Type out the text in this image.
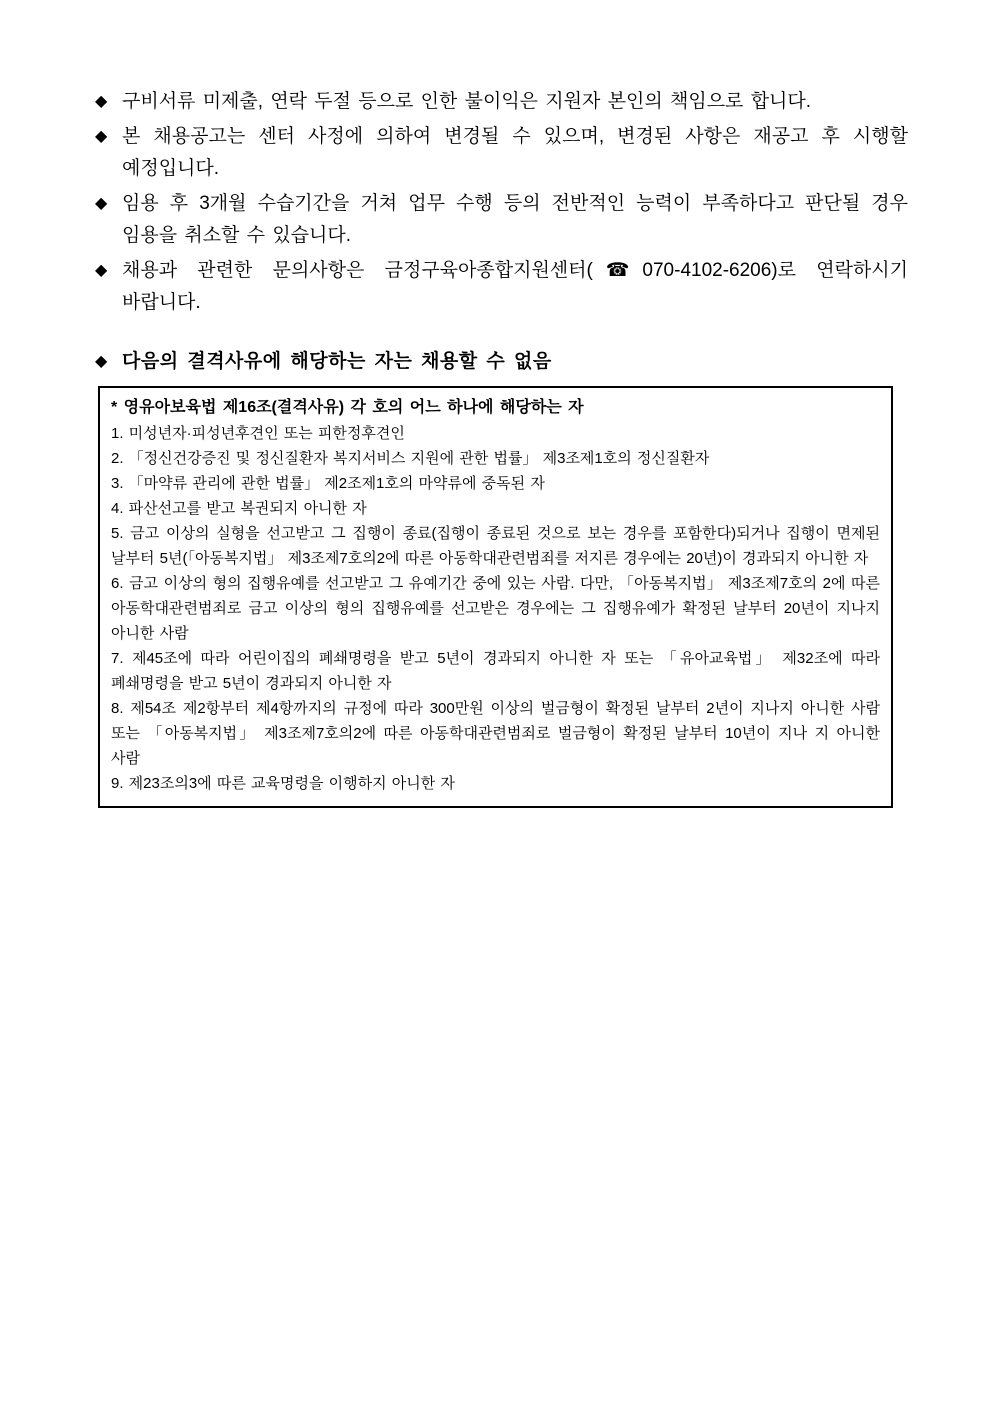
◆ 구비서류 미제출, 연락 두절 등으로 인한 불이익은 지원자 본인의 책임으로 합니다.
◆ 본 채용공고는 센터 사정에 의하여 변경될 수 있으며, 변경된 사항은 재공고 후 시행할 예정입니다.
◆ 임용 후 3개월 수습기간을 거쳐 업무 수행 등의 전반적인 능력이 부족하다고 판단될 경우 임용을 취소할 수 있습니다.
◆ 채용과 관련한 문의사항은 금정구육아종합지원센터(☎070-4102-6206)로 연락하시기 바랍니다.
◆ 다음의 결격사유에 해당하는 자는 채용할 수 없음
* 영유아보육법 제16조(결격사유) 각 호의 어느 하나에 해당하는 자
1. 미성년자·피성년후견인 또는 피한정후견인
2. 「정신건강증진 및 정신질환자 복지서비스 지원에 관한 법률」 제3조제1호의 정신질환자
3. 「마약류 관리에 관한 법률」 제2조제1호의 마약류에 중독된 자
4. 파산선고를 받고 복권되지 아니한 자
5. 금고 이상의 실형을 선고받고 그 집행이 종료(집행이 종료된 것으로 보는 경우를 포함한다)되거나 집행이 면제된 날부터 5년(「아동복지법」 제3조제7호의2에 따른 아동학대관련범죄를 저지른 경우에는 20년)이 경과되지 아니한 자
6. 금고 이상의 형의 집행유예를 선고받고 그 유예기간 중에 있는 사람. 다만, 「아동복지법」 제3조제7호의 2에 따른 아동학대관련범죄로 금고 이상의 형의 집행유예를 선고받은 경우에는 그 집행유예가 확정된 날부터 20년이 지나지 아니한 사람
7. 제45조에 따라 어린이집의 폐쇄명령을 받고 5년이 경과되지 아니한 자 또는 「유아교육법」 제32조에 따라 폐쇄명령을 받고 5년이 경과되지 아니한 자
8. 제54조 제2항부터 제4항까지의 규정에 따라 300만원 이상의 벌금형이 확정된 날부터 2년이 지나지 아니한 사람 또는 「아동복지법」 제3조제7호의2에 따른 아동학대관련범죄로 벌금형이 확정된 날부터 10년이 지나 지 아니한 사람
9. 제23조의3에 따른 교육명령을 이행하지 아니한 자
